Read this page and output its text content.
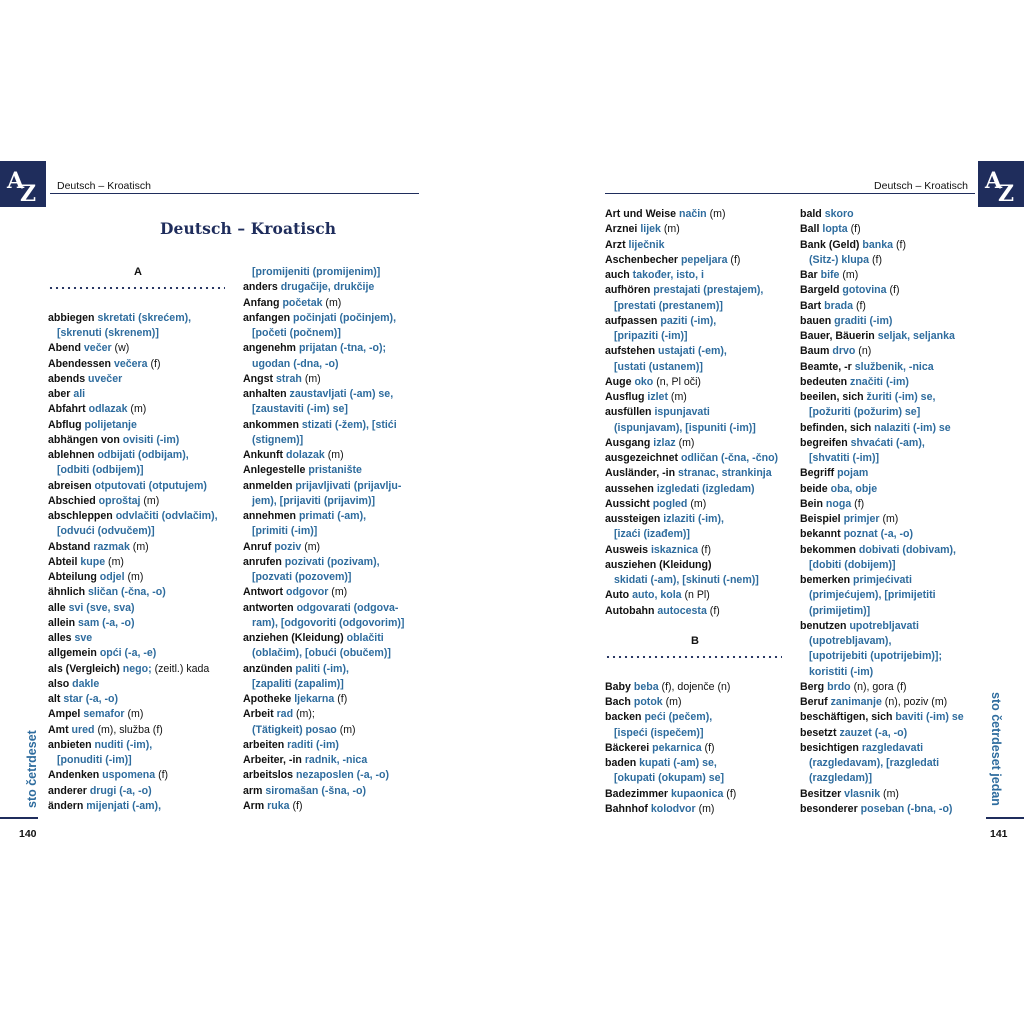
A
Z Deutsch – Kroatisch
Deutsch – Kroatisch
A
abbiegen skretati (skrećem),
[skrenuti (skrenem)]
Abend večer (w)
Abendessen večera (f)
abends uvečer
aber ali
Abfahrt odlazak (m)
Abflug polijetanje
abhängen von ovisiti (-im)
ablehnen odbijati (odbijam),
[odbiti (odbijem)]
abreisen otputovati (otputujem)
Abschied oproštaj (m)
abschleppen odvlačiti (odvlačim),
[odvući (odvučem)]
Abstand razmak (m)
Abteil kupe (m)
Abteilung odjel (m)
ähnlich sličan (-čna, -o)
alle svi (sve, sva)
allein sam (-a, -o)
alles sve
allgemein opći (-a, -e)
als (Vergleich) nego; (zeitl.) kada
also dakle
alt star (-a, -o)
Ampel semafor (m)
Amt ured (m), služba (f)
anbieten nuditi (-im),
[ponuditi (-im)]
Andenken uspomena (f)
anderer drugi (-a, -o)
ändern mijenjati (-am),
[promijeniti (promijenim)]
anders drugačije, drukčije
Anfang početak (m)
anfangen počinjati (počinjem),
[početi (počnem)]
angenehm prijatan (-tna, -o);
ugodan (-dna, -o)
Angst strah (m)
anhalten zaustavljati (-am) se,
[zaustaviti (-im) se]
ankommen stizati (-žem), [stići
(stignem)]
Ankunft dolazak (m)
Anlegestelle pristanište
anmelden prijavljivati (prijavlju-
jem), [prijaviti (prijavim)]
annehmen primati (-am),
[primiti (-im)]
Anruf poziv (m)
anrufen pozivati (pozivam),
[pozvati (pozovem)]
Antwort odgovor (m)
antworten odgovarati (odgova-
ram), [odgovoriti (odgovorim)]
anziehen (Kleidung) oblačiti
(oblačim), [obući (obučem)]
anzünden paliti (-im),
[zapaliti (zapalim)]
Apotheke ljekarna (f)
Arbeit rad (m);
(Tätigkeit) posao (m)
arbeiten raditi (-im)
Arbeiter, -in radnik, -nica
arbeitslos nezaposlen (-a, -o)
arm siromašan (-šna, -o)
Arm ruka (f)
sto četrdeset
140
A
Z
Deutsch – Kroatisch
Art und Weise način (m)
Arznei lijek (m)
Arzt liječnik
Aschenbecher pepeljara (f)
auch također, isto, i
aufhören prestajati (prestajem),
[prestati (prestanem)]
aufpassen paziti (-im),
[pripaziti (-im)]
aufstehen ustajati (-em),
[ustati (ustanem)]
Auge oko (n, Pl oči)
Ausflug izlet (m)
ausfüllen ispunjavati
(ispunjavam), [ispuniti (-im)]
Ausgang izlaz (m)
ausgezeichnet odličan (-čna, -čno)
Ausländer, -in stranac, strankinja
aussehen izgledati (izgledam)
Aussicht pogled (m)
aussteigen izlaziti (-im),
[izaći (izađem)]
Ausweis iskaznica (f)
ausziehen (Kleidung)
skidati (-am), [skinuti (-nem)]
Auto auto, kola (n Pl)
Autobahn autocesta (f)
B
Baby beba (f), dojenče (n)
Bach potok (m)
backen peći (pečem),
[ispeći (ispečem)]
Bäckerei pekarnica (f)
baden kupati (-am) se,
[okupati (okupam) se]
Badezimmer kupaonica (f)
Bahnhof kolodvor (m)
bald skoro
Ball lopta (f)
Bank (Geld) banka (f)
(Sitz-) klupa (f)
Bar bife (m)
Bargeld gotovina (f)
Bart brada (f)
bauen graditi (-im)
Bauer, Bäuerin seljak, seljanka
Baum drvo (n)
Beamte, -r službenik, -nica
bedeuten značiti (-im)
beeilen, sich žuriti (-im) se,
[požuriti (požurim) se]
befinden, sich nalaziti (-im) se
begreifen shvaćati (-am),
[shvatiti (-im)]
Begriff pojam
beide oba, obje
Bein noga (f)
Beispiel primjer (m)
bekannt poznat (-a, -o)
bekommen dobivati (dobivam),
[dobiti (dobijem)]
bemerken primjećivati
(primjećujem), [primijetiti
(primijetim)]
benutzen upotrebljavati
(upotrebljavam),
[upotrijebiti (upotrijebim)];
koristiti (-im)
Berg brdo (n), gora (f)
Beruf zanimanje (n), poziv (m)
beschäftigen, sich baviti (-im) se
besetzt zauzet (-a, -o)
besichtigen razgledavati
(razgledavam), [razgledati
(razgledam)]
Besitzer vlasnik (m)
besonderer poseban (-bna, -o)
sto četrdeset jedan
141
